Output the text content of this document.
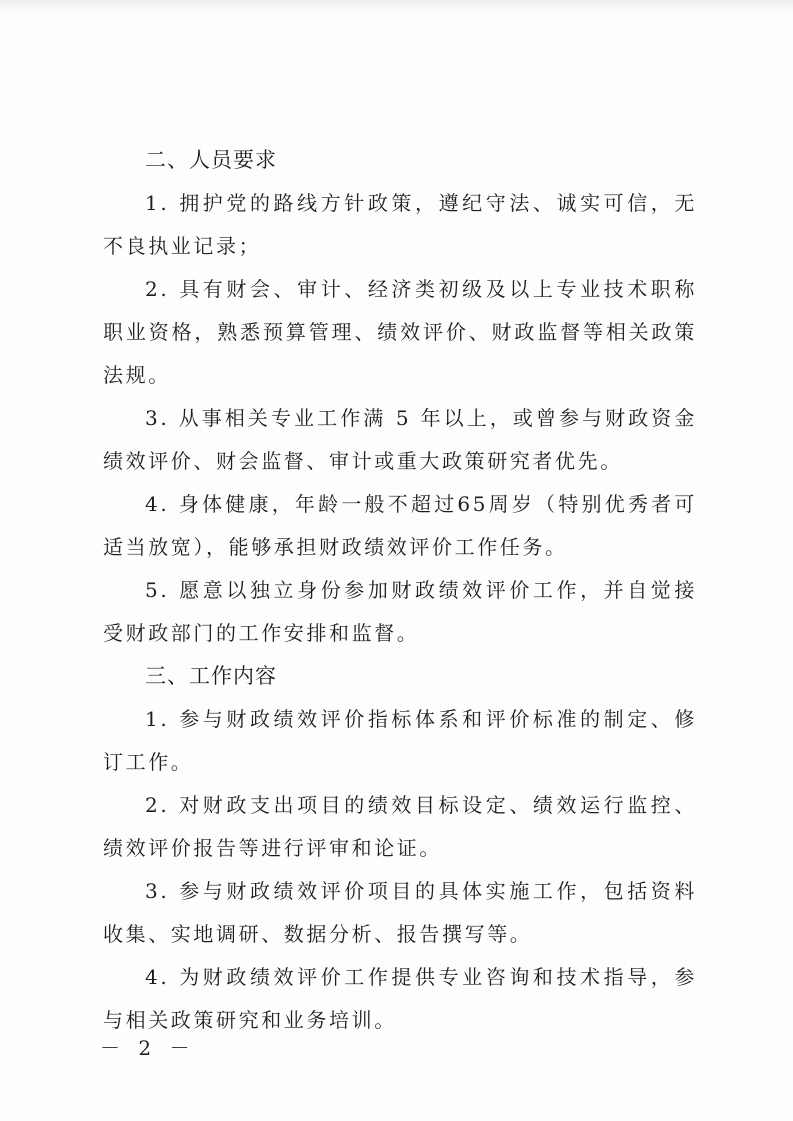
二、人员要求

1. 拥护党的路线方针政策，遵纪守法、诚实可信，无不良执业记录；

2. 具有财会、审计、经济类初级及以上专业技术职称职业资格，熟悉预算管理、绩效评价、财政监督等相关政策法规。

3. 从事相关专业工作满 5 年以上，或曾参与财政资金绩效评价、财会监督、审计或重大政策研究者优先。

4. 身体健康，年龄一般不超过65周岁（特别优秀者可适当放宽），能够承担财政绩效评价工作任务。

5. 愿意以独立身份参加财政绩效评价工作，并自觉接受财政部门的工作安排和监督。

三、工作内容

1. 参与财政绩效评价指标体系和评价标准的制定、修订工作。

2. 对财政支出项目的绩效目标设定、绩效运行监控、绩效评价报告等进行评审和论证。

3. 参与财政绩效评价项目的具体实施工作，包括资料收集、实地调研、数据分析、报告撰写等。

4. 为财政绩效评价工作提供专业咨询和技术指导，参与相关政策研究和业务培训。

－ 2 －
